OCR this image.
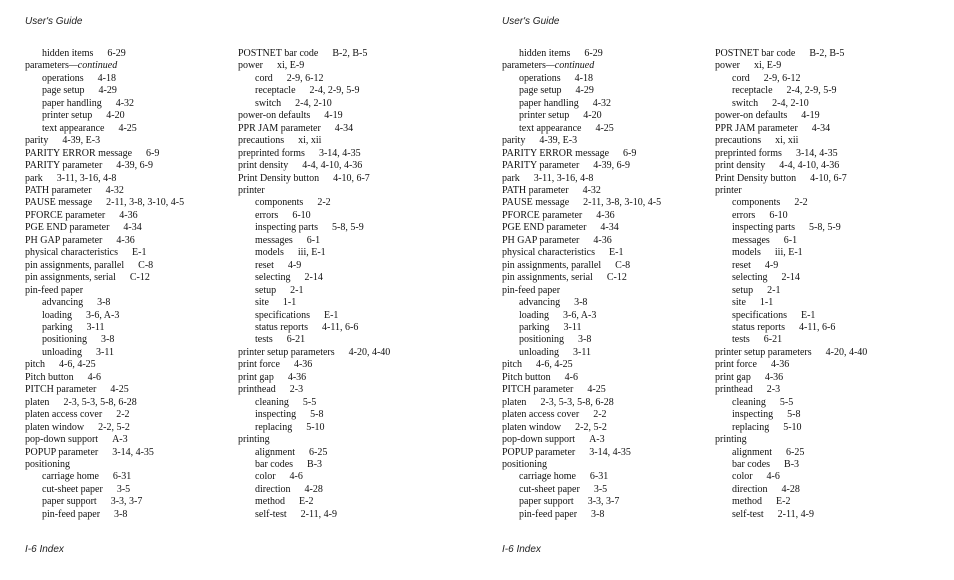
User's Guide
hidden items 6-29
parameters—continued
operations 4-18
page setup 4-29
paper handling 4-32
printer setup 4-20
text appearance 4-25
parity 4-39, E-3
PARITY ERROR message 6-9
PARITY parameter 4-39, 6-9
park 3-11, 3-16, 4-8
PATH parameter 4-32
PAUSE message 2-11, 3-8, 3-10, 4-5
PFORCE parameter 4-36
PGE END parameter 4-34
PH GAP parameter 4-36
physical characteristics E-1
pin assignments, parallel C-8
pin assignments, serial C-12
pin-feed paper
advancing 3-8
loading 3-6, A-3
parking 3-11
positioning 3-8
unloading 3-11
pitch 4-6, 4-25
Pitch button 4-6
PITCH parameter 4-25
platen 2-3, 5-3, 5-8, 6-28
platen access cover 2-2
platen window 2-2, 5-2
pop-down support A-3
POPUP parameter 3-14, 4-35
positioning
carriage home 6-31
cut-sheet paper 3-5
paper support 3-3, 3-7
pin-feed paper 3-8
POSTNET bar code B-2, B-5
power xi, E-9
cord 2-9, 6-12
receptacle 2-4, 2-9, 5-9
switch 2-4, 2-10
power-on defaults 4-19
PPR JAM parameter 4-34
precautions xi, xii
preprinted forms 3-14, 4-35
print density 4-4, 4-10, 4-36
Print Density button 4-10, 6-7
printer
components 2-2
errors 6-10
inspecting parts 5-8, 5-9
messages 6-1
models iii, E-1
reset 4-9
selecting 2-14
setup 2-1
site 1-1
specifications E-1
status reports 4-11, 6-6
tests 6-21
printer setup parameters 4-20, 4-40
print force 4-36
print gap 4-36
printhead 2-3
cleaning 5-5
inspecting 5-8
replacing 5-10
printing
alignment 6-25
bar codes B-3
color 4-6
direction 4-28
method E-2
self-test 2-11, 4-9
I-6 Index
User's Guide
hidden items 6-29
parameters—continued
operations 4-18
page setup 4-29
paper handling 4-32
printer setup 4-20
text appearance 4-25
parity 4-39, E-3
PARITY ERROR message 6-9
PARITY parameter 4-39, 6-9
park 3-11, 3-16, 4-8
PATH parameter 4-32
PAUSE message 2-11, 3-8, 3-10, 4-5
PFORCE parameter 4-36
PGE END parameter 4-34
PH GAP parameter 4-36
physical characteristics E-1
pin assignments, parallel C-8
pin assignments, serial C-12
pin-feed paper
advancing 3-8
loading 3-6, A-3
parking 3-11
positioning 3-8
unloading 3-11
pitch 4-6, 4-25
Pitch button 4-6
PITCH parameter 4-25
platen 2-3, 5-3, 5-8, 6-28
platen access cover 2-2
platen window 2-2, 5-2
pop-down support A-3
POPUP parameter 3-14, 4-35
positioning
carriage home 6-31
cut-sheet paper 3-5
paper support 3-3, 3-7
pin-feed paper 3-8
POSTNET bar code B-2, B-5
power xi, E-9
cord 2-9, 6-12
receptacle 2-4, 2-9, 5-9
switch 2-4, 2-10
power-on defaults 4-19
PPR JAM parameter 4-34
precautions xi, xii
preprinted forms 3-14, 4-35
print density 4-4, 4-10, 4-36
Print Density button 4-10, 6-7
printer
components 2-2
errors 6-10
inspecting parts 5-8, 5-9
messages 6-1
models iii, E-1
reset 4-9
selecting 2-14
setup 2-1
site 1-1
specifications E-1
status reports 4-11, 6-6
tests 6-21
printer setup parameters 4-20, 4-40
print force 4-36
print gap 4-36
printhead 2-3
cleaning 5-5
inspecting 5-8
replacing 5-10
printing
alignment 6-25
bar codes B-3
color 4-6
direction 4-28
method E-2
self-test 2-11, 4-9
I-6 Index
